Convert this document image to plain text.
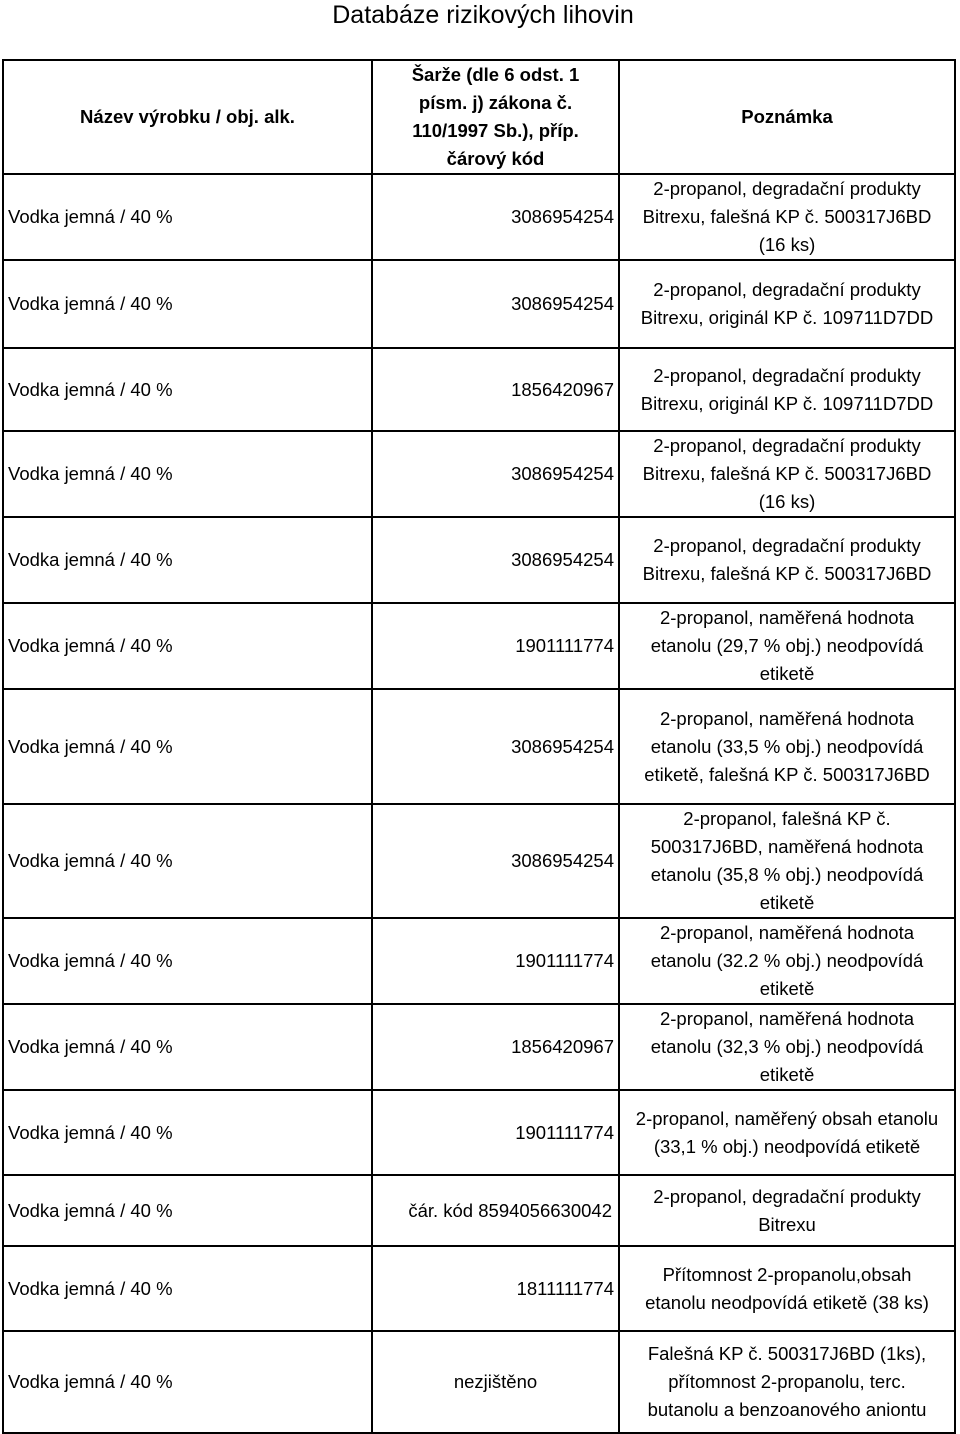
Databáze rizikových lihovin
Název výrobku / obj. alk.	Šarže (dle 6 odst. 1
písm. j) zákona č.
110/1997 Sb.), příp.
čárový kód	Poznámka
Vodka jemná / 40 %	3086954254	2-propanol, degradační produkty
Bitrexu, falešná KP č. 500317J6BD
(16 ks)
Vodka jemná / 40 %	3086954254	2-propanol, degradační produkty
Bitrexu, originál KP č. 109711D7DD
Vodka jemná / 40 %	1856420967	2-propanol, degradační produkty
Bitrexu, originál KP č. 109711D7DD
Vodka jemná / 40 %	3086954254	2-propanol, degradační produkty
Bitrexu, falešná KP č. 500317J6BD
(16 ks)
Vodka jemná / 40 %	3086954254	2-propanol, degradační produkty
Bitrexu, falešná KP č. 500317J6BD
Vodka jemná / 40 %	1901111774	2-propanol, naměřená hodnota
etanolu (29,7 % obj.) neodpovídá
etiketě
Vodka jemná / 40 %	3086954254	2-propanol, naměřená hodnota
etanolu (33,5 % obj.) neodpovídá
etiketě, falešná KP č. 500317J6BD
Vodka jemná / 40 %	3086954254	2-propanol, falešná KP č.
500317J6BD, naměřená hodnota
etanolu (35,8 % obj.) neodpovídá
etiketě
Vodka jemná / 40 %	1901111774	2-propanol, naměřená hodnota
etanolu (32.2 % obj.) neodpovídá
etiketě
Vodka jemná / 40 %	1856420967	2-propanol, naměřená hodnota
etanolu (32,3 % obj.) neodpovídá
etiketě
Vodka jemná / 40 %	1901111774	2-propanol, naměřený obsah etanolu
(33,1 % obj.) neodpovídá etiketě
Vodka jemná / 40 %	čár. kód 8594056630042	2-propanol, degradační produkty
Bitrexu
Vodka jemná / 40 %	1811111774	Přítomnost 2-propanolu,obsah
etanolu neodpovídá etiketě (38 ks)
Vodka jemná / 40 %	nezjištěno	Falešná KP č. 500317J6BD (1ks),
přítomnost 2-propanolu, terc.
butanolu a benzoanového aniontu
